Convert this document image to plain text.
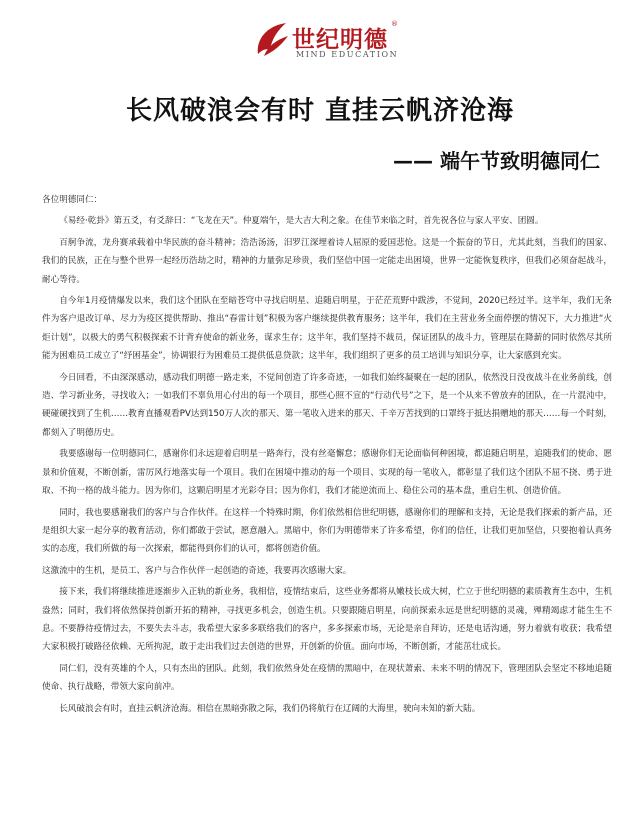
世纪明德
®
MIND EDUCATION
长风破浪会有时 直挂云帆济沧海
—— 端午节致明德同仁

各位明德同仁：

《易经·乾卦》第五爻，有爻辞曰：“飞龙在天”。仲夏端午，是大吉大利之象。在佳节来临之时，首先祝各位与家人平安、团圆。

百舸争流，龙舟赛承载着中华民族的奋斗精神；浩浩汤汤，汨罗江深埋着诗人屈原的爱国悲怆。这是一个振奋的节日，尤其此刻，当我们的国家、我们的民族，正在与整个世界一起经历浩劫之时，精神的力量弥足珍贵，我们坚信中国一定能走出困境，世界一定能恢复秩序，但我们必须奋起战斗，耐心等待。

自今年1月疫情爆发以来，我们这个团队在至暗苍穹中寻找启明星、追随启明星，于茫茫荒野中跋涉，不觉间，2020已经过半。这半年，我们无条件为客户退改订单、尽力为疫区提供帮助、推出“春雷计划”积极为客户继续提供教育服务；这半年，我们在主营业务全面停摆的情况下，大力推进“火炬计划”，以极大的勇气积极探索不计背弃使命的新业务，谋求生存；这半年，我们坚持不裁员，保证团队的战斗力，管理层在降薪的同时依然尽其所能为困难员工成立了“纾困基金”，协调银行为困难员工提供低息贷款；这半年，我们组织了更多的员工培训与知识分享，让大家感到充实。

今日回看，不由深深感动，感动我们明德一路走来，不觉间创造了许多奇迹，一如我们始终凝聚在一起的团队，依然没日没夜战斗在业务前线，创造、学习新业务，寻找收入；一如我们不辜负用心付出的每一个项目，那些心照不宣的“行动代号”之下，是一个从来不曾放弃的团队，在一片混沌中，硬碰硬找到了生机……教育直播观看PV达到150万人次的那天、第一笔收入进来的那天、千辛万苦找到的口罩终于抵达捐赠地的那天……每一个时刻，都刻入了明德历史。

我要感谢每一位明德同仁，感谢你们永远迎着启明星一路奔行，没有丝毫懈怠；感谢你们无论面临何种困境，都追随启明星，追随我们的使命、愿景和价值观，不断创新，雷厉风行地落实每一个项目。我们在困境中推动的每一个项目、实现的每一笔收入，都彰显了我们这个团队不屈不挠、勇于进取、不拘一格的战斗能力。因为你们，这颗启明星才光彩夺目；因为你们，我们才能逆流而上、稳住公司的基本盘，重启生机、创造价值。

同时，我也要感谢我们的客户与合作伙伴。在这样一个特殊时期，你们依然相信世纪明德，感谢你们的理解和支持，无论是我们探索的新产品，还是组织大家一起分享的教育活动，你们都敢于尝试，愿意融入。黑暗中，你们为明德带来了许多希望，你们的信任，让我们更加坚信，只要抱着认真务实的态度，我们所做的每一次探索，都能得到你们的认可，都将创造价值。

这激流中的生机，是员工、客户与合作伙伴一起创造的奇迹，我要再次感谢大家。

接下来，我们将继续推进逐渐步入正轨的新业务，我相信，疫情结束后，这些业务都将从嫩枝长成大树，伫立于世纪明德的素质教育生态中，生机盎然；同时，我们将依然保持创新开拓的精神，寻找更多机会，创造生机。只要跟随启明星，向前探索永远是世纪明德的灵魂，殚精竭虑才能生生不息。不要静待疫情过去，不要失去斗志，我希望大家多多联络我们的客户，多多探索市场，无论是亲自拜访，还是电话沟通，努力着就有收获；我希望大家积极打破路径依赖、无所拘泥，敢于走出我们过去创造的世界，开创新的价值。面向市场，不断创新，才能茁壮成长。

同仁们，没有英雄的个人，只有杰出的团队。此刻，我们依然身处在疫情的黑暗中，在现状萧索、未来不明的情况下，管理团队会坚定不移地追随使命、执行战略，带领大家向前冲。

长风破浪会有时，直挂云帆济沧海。相信在黑暗弥散之际，我们仍将航行在辽阔的大海里，驶向未知的新大陆。
